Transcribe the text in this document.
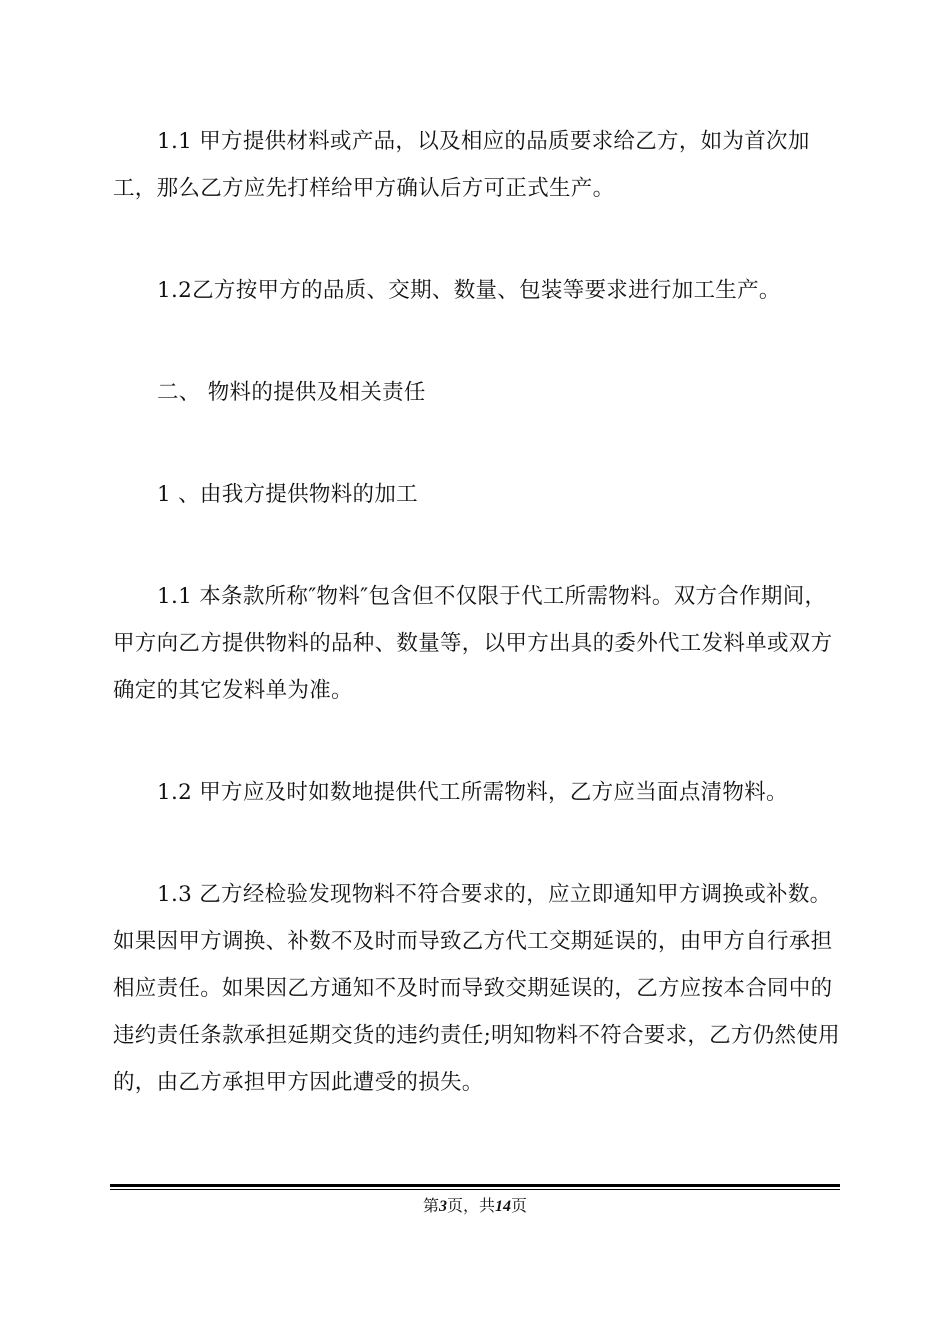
1.1 甲方提供材料或产品，以及相应的品质要求给乙方，如为首次加工，那么乙方应先打样给甲方确认后方可正式生产。

1.2乙方按甲方的品质、交期、数量、包装等要求进行加工生产。

二、 物料的提供及相关责任

1 、由我方提供物料的加工

1.1 本条款所称″物料″包含但不仅限于代工所需物料。双方合作期间，甲方向乙方提供物料的品种、数量等，以甲方出具的委外代工发料单或双方确定的其它发料单为准。

1.2 甲方应及时如数地提供代工所需物料，乙方应当面点清物料。

1.3 乙方经检验发现物料不符合要求的，应立即通知甲方调换或补数。如果因甲方调换、补数不及时而导致乙方代工交期延误的，由甲方自行承担相应责任。如果因乙方通知不及时而导致交期延误的，乙方应按本合同中的违约责任条款承担延期交货的违约责任;明知物料不符合要求，乙方仍然使用的，由乙方承担甲方因此遭受的损失。

第3页，共14页
